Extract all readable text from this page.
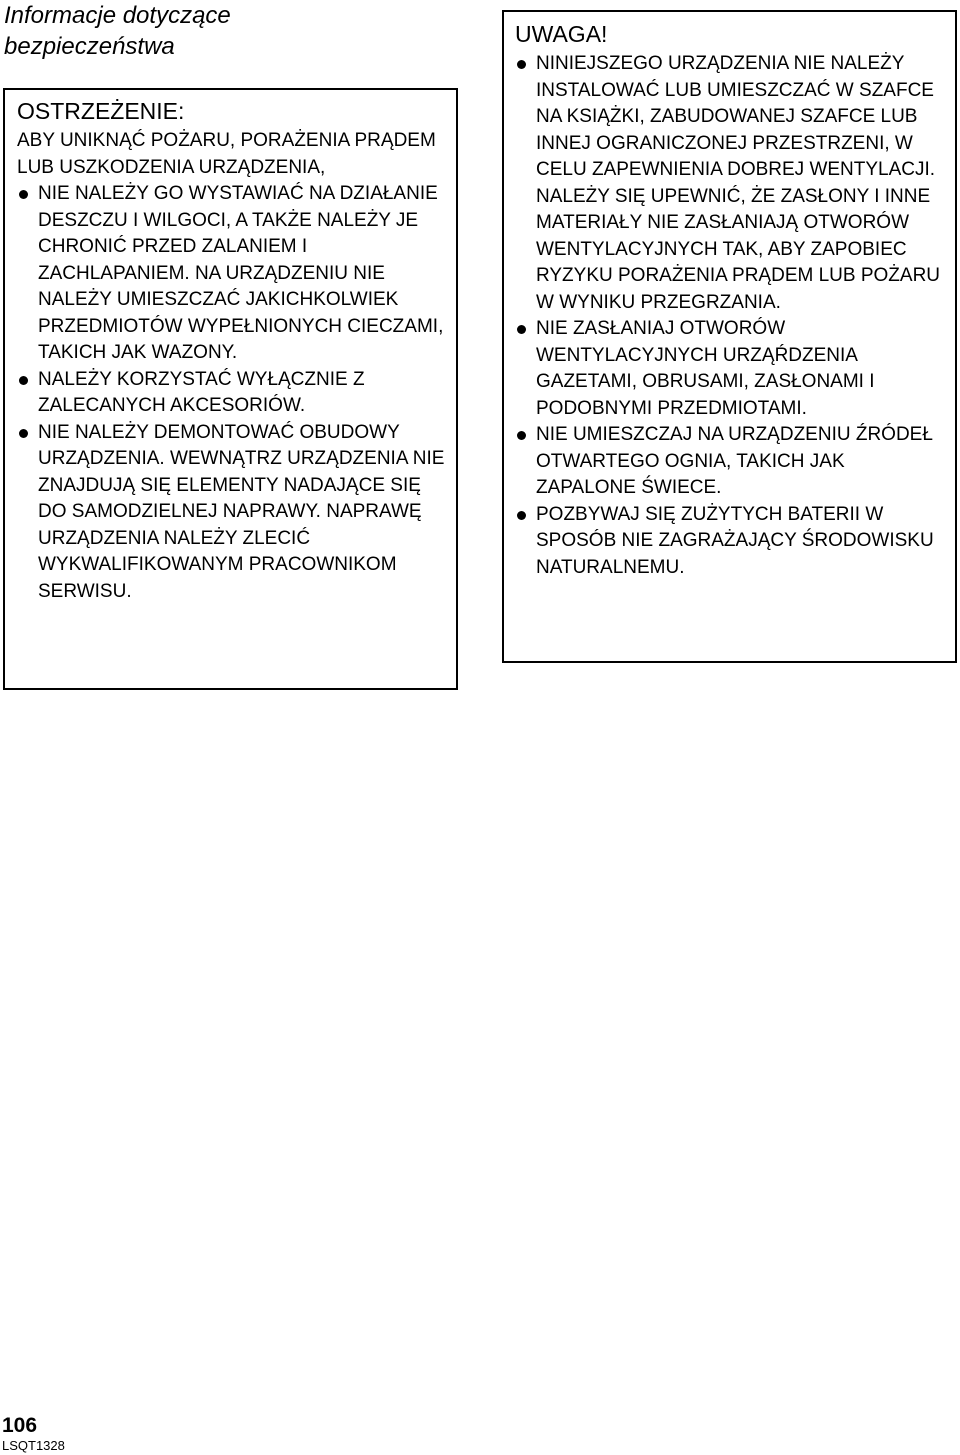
Informacje dotyczące
bezpieczeństwa
OSTRZEŻENIE:

ABY UNIKNĄĆ POŻARU, PORAŻENIA PRĄDEM LUB USZKODZENIA URZĄDZENIA,

NIE NALEŻY GO WYSTAWIAĆ NA DZIAŁANIE DESZCZU I WILGOCI, A TAKŻE NALEŻY JE CHRONIĆ PRZED ZALANIEM I ZACHLAPANIEM. NA URZĄDZENIU NIE NALEŻY UMIESZCZAĆ JAKICHKOLWIEK PRZEDMIOTÓW WYPEŁNIONYCH CIECZAMI, TAKICH JAK WAZONY.
NALEŻY KORZYSTAĆ WYŁĄCZNIE Z ZALECANYCH AKCESORIÓW.
NIE NALEŻY DEMONTOWAĆ OBUDOWY URZĄDZENIA. WEWNĄTRZ URZĄDZENIA NIE ZNAJDUJĄ SIĘ ELEMENTY NADAJĄCE SIĘ DO SAMODZIELNEJ NAPRAWY. NAPRAWĘ URZĄDZENIA NALEŻY ZLECIĆ WYKWALIFIKOWANYM PRACOWNIKOM SERWISU.
UWAGA!
NINIEJSZEGO URZĄDZENIA NIE NALEŻY INSTALOWAĆ LUB UMIESZCZAĆ W SZAFCE NA KSIĄŻKI, ZABUDOWANEJ SZAFCE LUB INNEJ OGRANICZONEJ PRZESTRZENI, W CELU ZAPEWNIENIA DOBREJ WENTYLACJI. NALEŻY SIĘ UPEWNIĆ, ŻE ZASŁONY I INNE MATERIAŁY NIE ZASŁANIAJĄ OTWORÓW WENTYLACYJNYCH TAK, ABY ZAPOBIEC RYZYKU PORAŻENIA PRĄDEM LUB POŻARU W WYNIKU PRZEGRZANIA.
NIE ZASŁANIAJ OTWORÓW WENTYLACYJNYCH URZĄŔDZENIA GAZETAMI, OBRUSAMI, ZASŁONAMI I PODOBNYMI PRZEDMIOTAMI.
NIE UMIESZCZAJ NA URZĄDZENIU ŹRÓDEŁ OTWARTEGO OGNIA, TAKICH JAK ZAPALONE ŚWIECE.
POZBYWAJ SIĘ ZUŻYTYCH BATERII W SPOSÓB NIE ZAGRAŻAJĄCY ŚRODOWISKU NATURALNEMU.
106
LSQT1328
